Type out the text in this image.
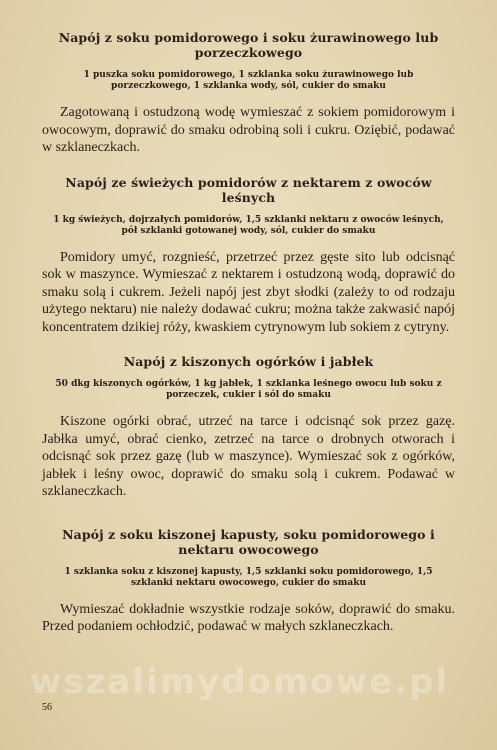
Napój z soku pomidorowego i soku żurawinowego lub porzeczkowego
1 puszka soku pomidorowego, 1 szklanka soku żurawinowego lub porzeczkowego, 1 szklanka wody, sól, cukier do smaku
Zagotowaną i ostudzoną wodę wymieszać z sokiem pomidorowym i owocowym, doprawić do smaku odrobiną soli i cukru. Oziębić, podawać w szklaneczkach.
Napój ze świeżych pomidorów z nektarem z owoców leśnych
1 kg świeżych, dojrzałych pomidorów, 1,5 szklanki nektaru z owoców leśnych, pół szklanki gotowanej wody, sól, cukier do smaku
Pomidory umyć, rozgnieść, przetrzeć przez gęste sito lub odcisnąć sok w maszynce. Wymieszać z nektarem i ostudzoną wodą, doprawić do smaku solą i cukrem. Jeżeli napój jest zbyt słodki (zależy to od rodzaju użytego nektaru) nie należy dodawać cukru; można także zakwasić napój koncentratem dzikiej róży, kwaskiem cytrynowym lub sokiem z cytryny.
Napój z kiszonych ogórków i jabłek
50 dkg kiszonych ogórków, 1 kg jabłek, 1 szklanka leśnego owocu lub soku z porzeczek, cukier i sól do smaku
Kiszone ogórki obrać, utrzeć na tarce i odcisnąć sok przez gazę. Jabłka umyć, obrać cienko, zetrzeć na tarce o drobnych otworach i odcisnąć sok przez gazę (lub w maszynce). Wymieszać sok z ogórków, jabłek i leśny owoc, doprawić do smaku solą i cukrem. Podawać w szklaneczkach.
Napój z soku kiszonej kapusty, soku pomidorowego i nektaru owocowego
1 szklanka soku z kiszonej kapusty, 1,5 szklanki soku pomidorowego, 1,5 szklanki nektaru owocowego, cukier do smaku
Wymieszać dokładnie wszystkie rodzaje soków, doprawić do smaku. Przed podaniem ochłodzić, podawać w małych szklaneczkach.
wszalimydomowe.pl
56
